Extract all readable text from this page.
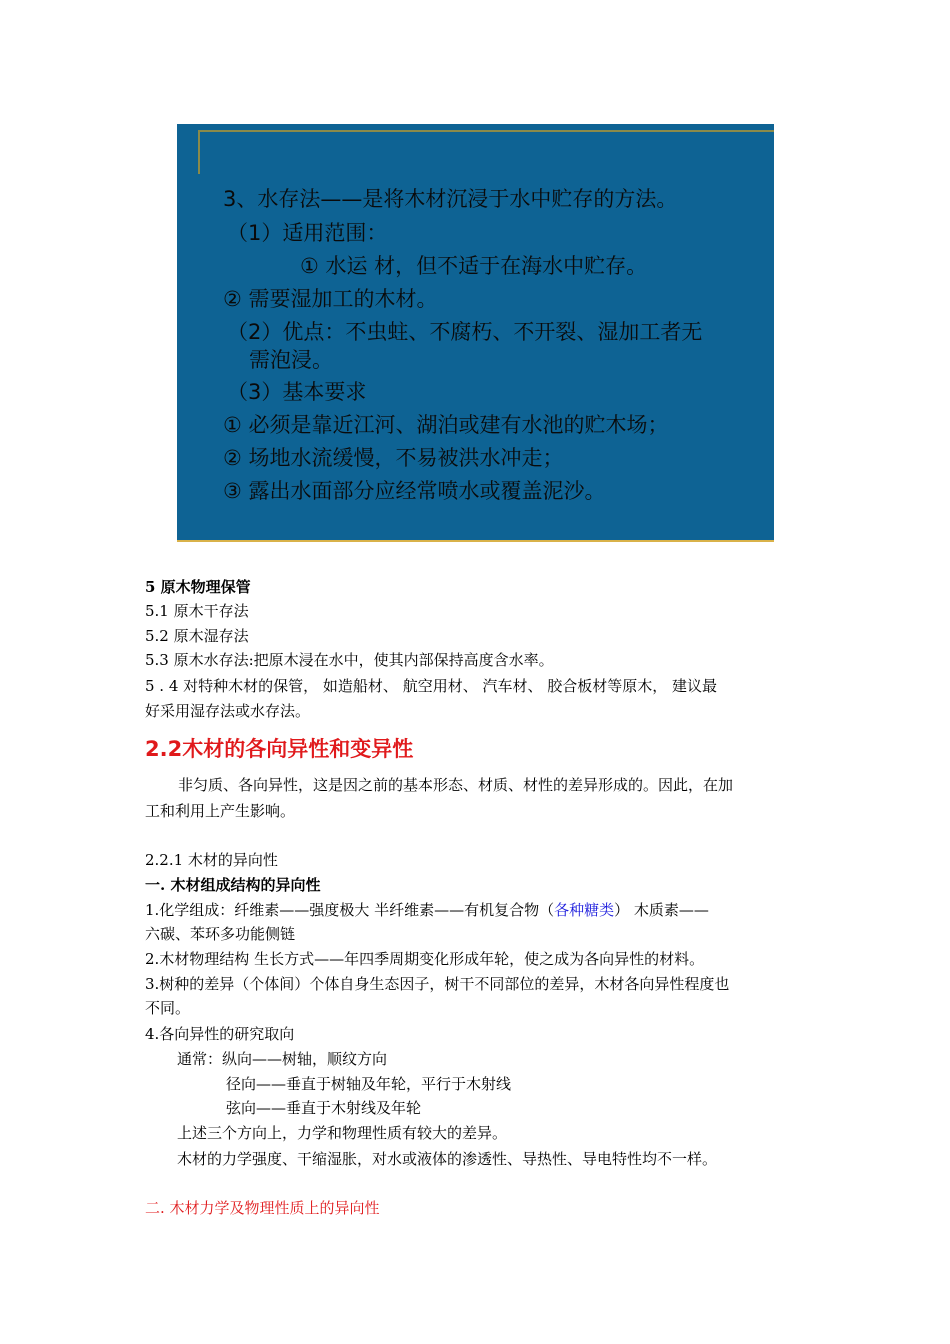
3、水存法——是将木材沉浸于水中贮存的方法。
（1）适用范围：
① 水运 材，但不适于在海水中贮存。
② 需要湿加工的木材。
（2）优点：不虫蛀、不腐朽、不开裂、湿加工者无
需泡浸。
（3）基本要求
① 必须是靠近江河、湖泊或建有水池的贮木场；
② 场地水流缓慢，不易被洪水冲走；
③ 露出水面部分应经常喷水或覆盖泥沙。
5 原木物理保管
5.1 原木干存法
5.2 原木湿存法
5.3 原木水存法:把原木浸在水中，使其内部保持高度含水率。
5 . 4 对特种木材的保管， 如造船材、 航空用材、 汽车材、 胶合板材等原木， 建议最
好采用湿存法或水存法。
2.2木材的各向异性和变异性
非匀质、各向异性，这是因之前的基本形态、材质、材性的差异形成的。因此，在加
工和利用上产生影响。
2.2.1 木材的异向性
一. 木材组成结构的异向性
1.化学组成：纤维素——强度极大 半纤维素——有机复合物（各种糖类） 木质素——
六碳、苯环多功能侧链
2.木材物理结构 生长方式——年四季周期变化形成年轮，使之成为各向异性的材料。
3.树种的差异（个体间）个体自身生态因子，树干不同部位的差异，木材各向异性程度也
不同。
4.各向异性的研究取向
通常：纵向——树轴，顺纹方向
径向——垂直于树轴及年轮，平行于木射线
弦向——垂直于木射线及年轮
上述三个方向上，力学和物理性质有较大的差异。
木材的力学强度、干缩湿胀，对水或液体的渗透性、导热性、导电特性均不一样。
二. 木材力学及物理性质上的异向性
